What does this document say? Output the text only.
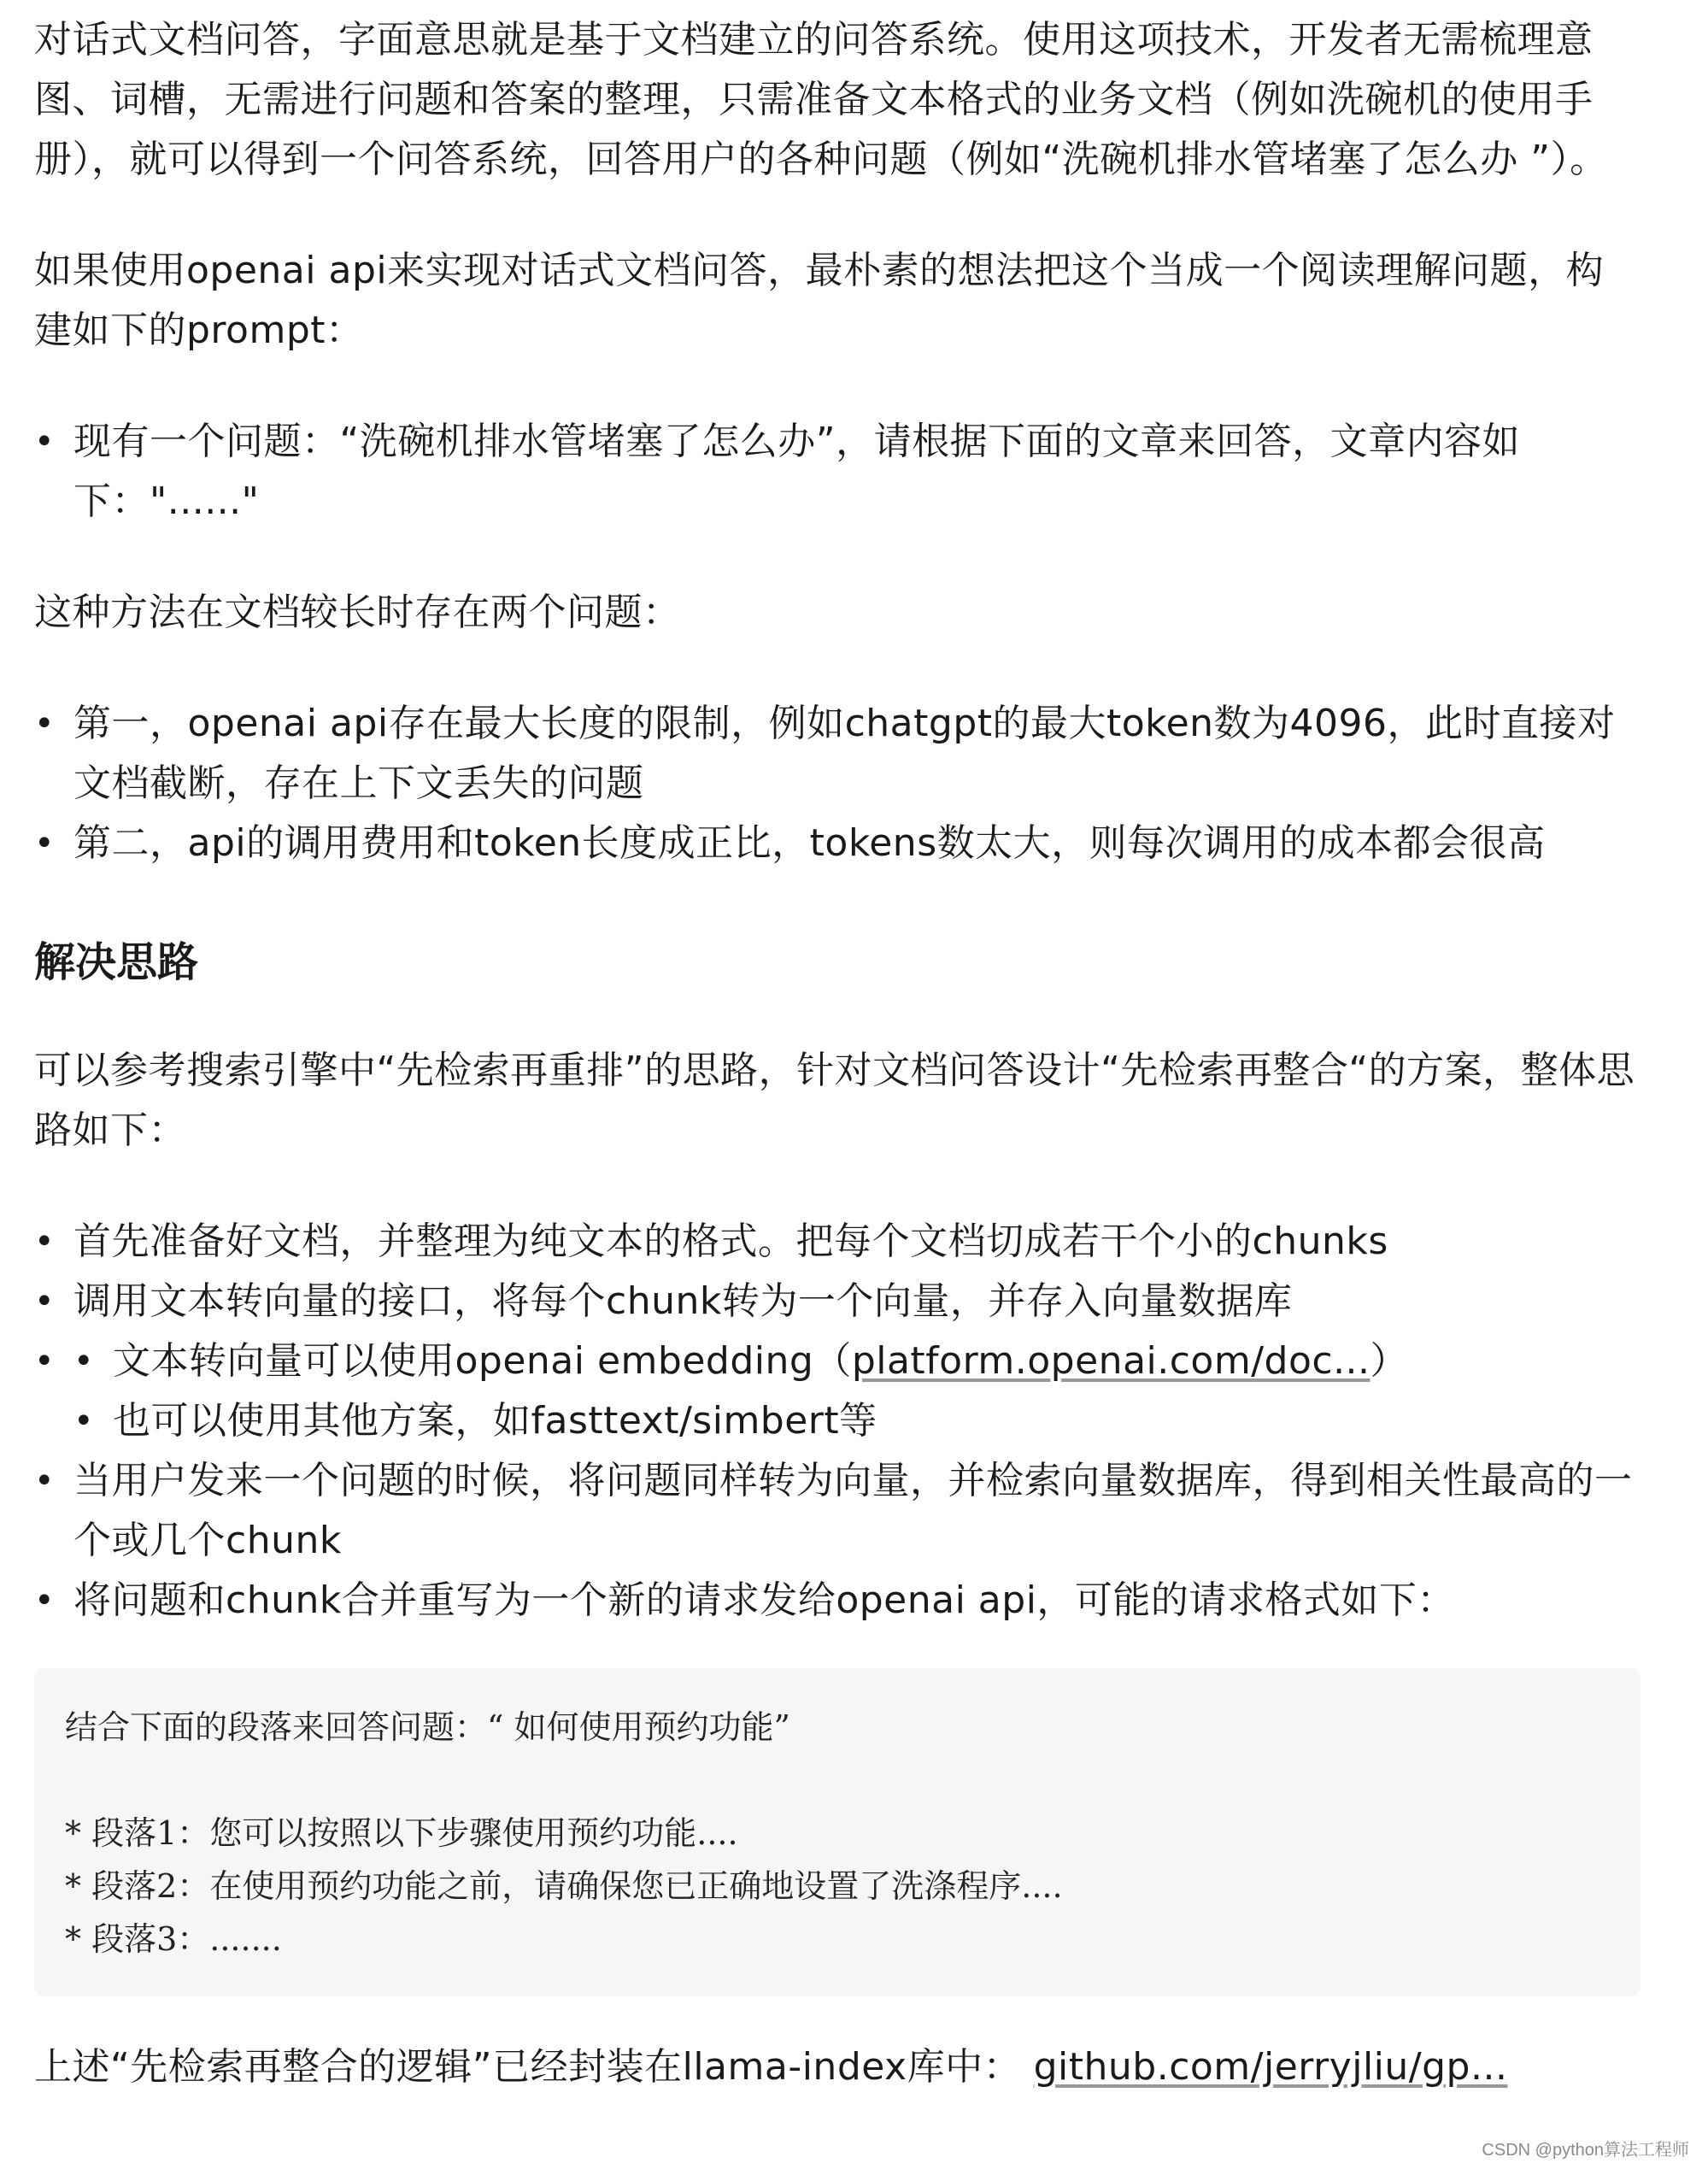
对话式文档问答，字面意思就是基于文档建立的问答系统。使用这项技术，开发者无需梳理意图、词槽，无需进行问题和答案的整理，只需准备文本格式的业务文档（例如洗碗机的使用手册），就可以得到一个问答系统，回答用户的各种问题（例如“洗碗机排水管堵塞了怎么办 ”）。

如果使用openai api来实现对话式文档问答，最朴素的想法把这个当成一个阅读理解问题，构建如下的prompt：

• 现有一个问题：“洗碗机排水管堵塞了怎么办”，请根据下面的文章来回答，文章内容如下："......"

这种方法在文档较长时存在两个问题：

• 第一，openai api存在最大长度的限制，例如chatgpt的最大token数为4096，此时直接对文档截断，存在上下文丢失的问题
• 第二，api的调用费用和token长度成正比，tokens数太大，则每次调用的成本都会很高
解决思路

可以参考搜索引擎中“先检索再重排”的思路，针对文档问答设计“先检索再整合“的方案，整体思路如下：

• 首先准备好文档，并整理为纯文本的格式。把每个文档切成若干个小的chunks
• 调用文本转向量的接口，将每个chunk转为一个向量，并存入向量数据库
• • 文本转向量可以使用openai embedding（platform.openai.com/doc...）
• 也可以使用其他方案，如fasttext/simbert等
• 当用户发来一个问题的时候，将问题同样转为向量，并检索向量数据库，得到相关性最高的一个或几个chunk
• 将问题和chunk合并重写为一个新的请求发给openai api，可能的请求格式如下：
结合下面的段落来回答问题：“ 如何使用预约功能”
* 段落1：您可以按照以下步骤使用预约功能....
* 段落2：在使用预约功能之前，请确保您已正确地设置了洗涤程序....
* 段落3：.......

上述“先检索再整合的逻辑”已经封装在llama-index库中： github.com/jerryjliu/gp...

CSDN @python算法工程师
